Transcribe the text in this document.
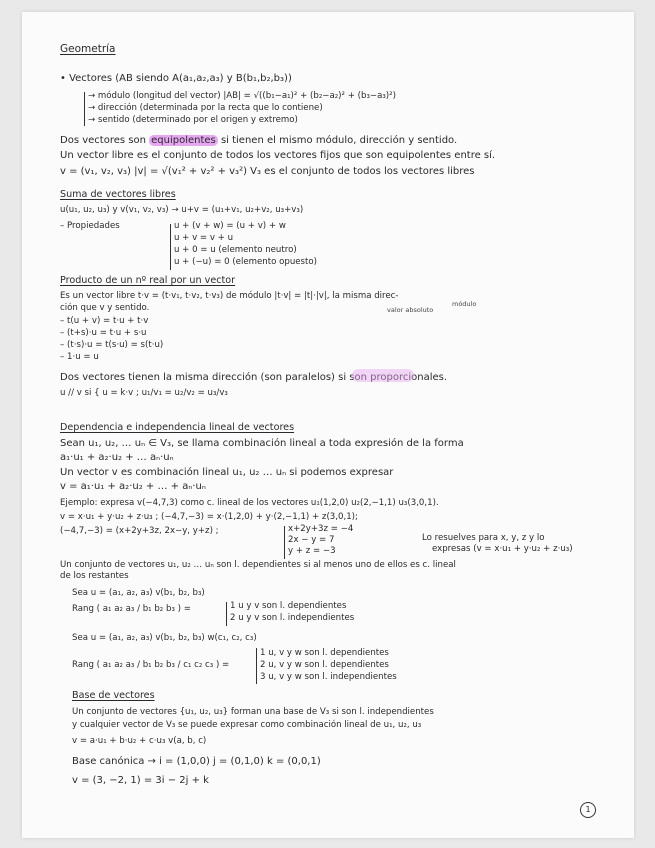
Geometría
• Vectores (AB siendo A(a₁,a₂,a₃) y B(b₁,b₂,b₃))
→ módulo (longitud del vector) |AB| = √((b₁−a₁)² + (b₂−a₂)² + (b₃−a₃)²)
→ dirección (determinada por la recta que lo contiene)
→ sentido (determinado por el origen y extremo)
Dos vectores son equipolentes si tienen el mismo módulo, dirección y sentido.
Un vector libre es el conjunto de todos los vectores fijos que son equipolentes entre sí.
v = (v₁, v₂, v₃) |v| = √(v₁² + v₂² + v₃²) V₃ es el conjunto de todos los vectores libres
Suma de vectores libres
u(u₁, u₂, u₃) y v(v₁, v₂, v₃) → u+v = (u₁+v₁, u₂+v₂, u₃+v₃)
– Propiedades	u + (v + w) = (u + v) + w
u + v = v + u
u + 0 = u (elemento neutro)
u + (−u) = 0 (elemento opuesto)
Producto de un nº real por un vector
Es un vector libre t·v = (t·v₁, t·v₂, t·v₃) de módulo |t·v| = |t|·|v|, la misma direc-
ción que v y sentido.	valor absoluto
módulo
– t(u + v) = t·u + t·v
– (t+s)·u = t·u + s·u
– (t·s)·u = t(s·u) = s(t·u)
– 1·u = u
Dos vectores tienen la misma dirección (son paralelos) si son proporcionales.
u // v si { u = k·v ; u₁/v₁ = u₂/v₂ = u₃/v₃
Dependencia e independencia lineal de vectores
Sean u₁, u₂, … uₙ ∈ V₃, se llama combinación lineal a toda expresión de la forma
a₁·u₁ + a₂·u₂ + … aₙ·uₙ
Un vector v es combinación lineal u₁, u₂ … uₙ si podemos expresar
v = a₁·u₁ + a₂·u₂ + … + aₙ·uₙ
Ejemplo: expresa v(−4,7,3) como c. lineal de los vectores u₁(1,2,0) u₂(2,−1,1) u₃(3,0,1).
v = x·u₁ + y·u₂ + z·u₃ ; (−4,7,−3) = x·(1,2,0) + y·(2,−1,1) + z(3,0,1);
(−4,7,−3) = (x+2y+3z, 2x−y, y+z) ;	x+2y+3z = −4
2x − y = 7
y + z = −3
Lo resuelves para x, y, z y lo
expresas (v = x·u₁ + y·u₂ + z·u₃)
Un conjunto de vectores u₁, u₂ … uₙ son l. dependientes si al menos uno de ellos es c. lineal
de los restantes
Sea u = (a₁, a₂, a₃) v(b₁, b₂, b₃)
Rang ( a₁ a₂ a₃ / b₁ b₂ b₃ ) =	1 u y v son l. dependientes
2 u y v son l. independientes
Sea u = (a₁, a₂, a₃) v(b₁, b₂, b₃) w(c₁, c₂, c₃)
Rang ( a₁ a₂ a₃ / b₁ b₂ b₃ / c₁ c₂ c₃ ) =
1 u, v y w son l. dependientes
2 u, v y w son l. dependientes
3 u, v y w son l. independientes
Base de vectores
Un conjunto de vectores {u₁, u₂, u₃} forman una base de V₃ si son l. independientes
y cualquier vector de V₃ se puede expresar como combinación lineal de u₁, u₂, u₃
v = a·u₁ + b·u₂ + c·u₃ v(a, b, c)
Base canónica → i = (1,0,0) j = (0,1,0) k = (0,0,1)
v = (3, −2, 1) = 3i − 2j + k
1
